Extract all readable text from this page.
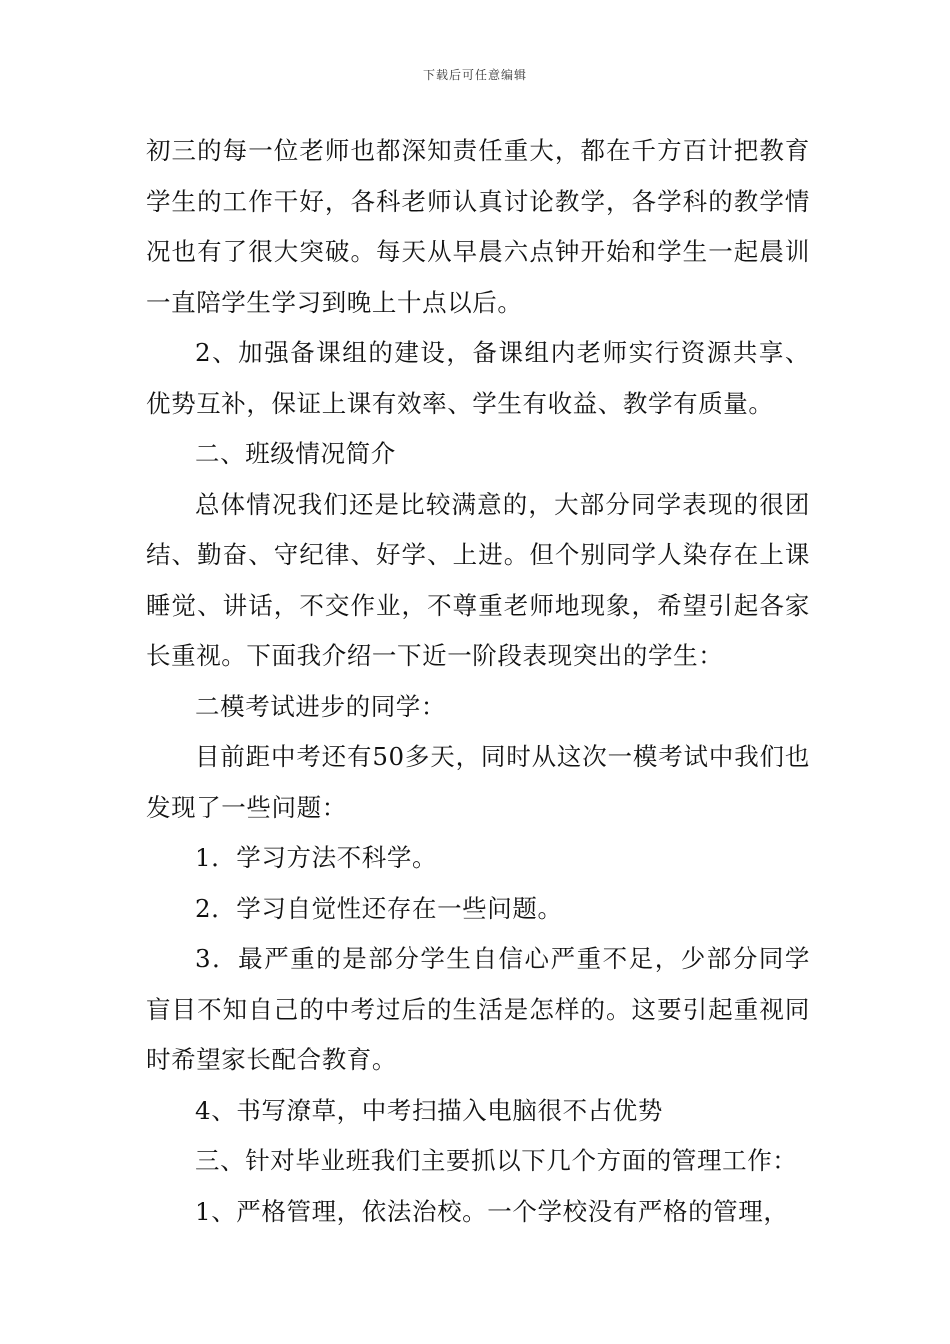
下载后可任意编辑

初三的每一位老师也都深知责任重大，都在千方百计把教育学生的工作干好，各科老师认真讨论教学，各学科的教学情况也有了很大突破。每天从早晨六点钟开始和学生一起晨训一直陪学生学习到晚上十点以后。

2、加强备课组的建设，备课组内老师实行资源共享、优势互补，保证上课有效率、学生有收益、教学有质量。

二、班级情况简介

总体情况我们还是比较满意的，大部分同学表现的很团结、勤奋、守纪律、好学、上进。但个别同学人染存在上课睡觉、讲话，不交作业，不尊重老师地现象，希望引起各家长重视。下面我介绍一下近一阶段表现突出的学生：

二模考试进步的同学：

目前距中考还有50多天，同时从这次一模考试中我们也发现了一些问题：

1．学习方法不科学。

2．学习自觉性还存在一些问题。

3．最严重的是部分学生自信心严重不足，少部分同学盲目不知自己的中考过后的生活是怎样的。这要引起重视同时希望家长配合教育。

4、书写潦草，中考扫描入电脑很不占优势

三、针对毕业班我们主要抓以下几个方面的管理工作：

1、严格管理，依法治校。一个学校没有严格的管理，
